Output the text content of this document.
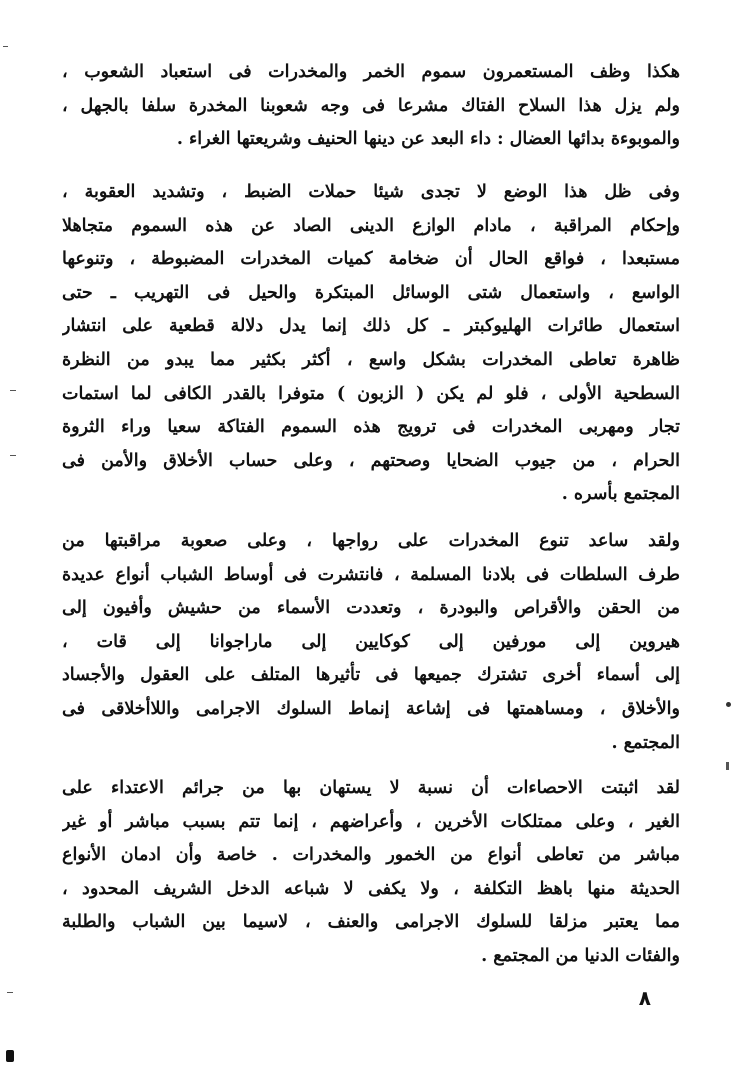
هكذا وظف المستعمرون سموم الخمر والمخدرات فى استعباد الشعوب ،
ولم يزل هذا السلاح الفتاك مشرعا فى وجه شعوبنا المخدرة سلفا بالجهل ،
والموبوءة بدائها العضال : داء البعد عن دينها الحنيف وشريعتها الغراء .
وفى ظل هذا الوضع لا تجدى شيئا حملات الضبط ، وتشديد العقوبة ،
وإحكام المراقبة ، مادام الوازع الدينى الصاد عن هذه السموم متجاهلا
مستبعدا ، فواقع الحال أن ضخامة كميات المخدرات المضبوطة ، وتنوعها
الواسع ، واستعمال شتى الوسائل المبتكرة والحيل فى التهريب ـ حتى
استعمال طائرات الهليوكبتر ـ كل ذلك إنما يدل دلالة قطعية على انتشار
ظاهرة تعاطى المخدرات بشكل واسع ، أكثر بكثير مما يبدو من النظرة
السطحية الأولى ، فلو لم يكن ( الزبون ) متوفرا بالقدر الكافى لما استمات
تجار ومهربى المخدرات فى ترويج هذه السموم الفتاكة سعيا وراء الثروة
الحرام ، من جيوب الضحايا وصحتهم ، وعلى حساب الأخلاق والأمن فى
المجتمع بأسره .
ولقد ساعد تنوع المخدرات على رواجها ، وعلى صعوبة مراقبتها من
طرف السلطات فى بلادنا المسلمة ، فانتشرت فى أوساط الشباب أنواع عديدة
من الحقن والأقراص والبودرة ، وتعددت الأسماء من حشيش وأفيون إلى
هيروين إلى مورفين إلى كوكايين إلى ماراجوانا إلى قات ،
إلى أسماء أخرى تشترك جميعها فى تأثيرها المتلف على العقول والأجساد
والأخلاق ، ومساهمتها فى إشاعة إنماط السلوك الاجرامى واللاأخلاقى فى
المجتمع .
لقد اثبتت الاحصاءات أن نسبة لا يستهان بها من جرائم الاعتداء على
الغير ، وعلى ممتلكات الأخرين ، وأعراضهم ، إنما تتم بسبب مباشر أو غير
مباشر من تعاطى أنواع من الخمور والمخدرات . خاصة وأن ادمان الأنواع
الحديثة منها باهظ التكلفة ، ولا يكفى لا شباعه الدخل الشريف المحدود ،
مما يعتبر مزلقا للسلوك الاجرامى والعنف ، لاسيما بين الشباب والطلبة
والفئات الدنيا من المجتمع .
٨
